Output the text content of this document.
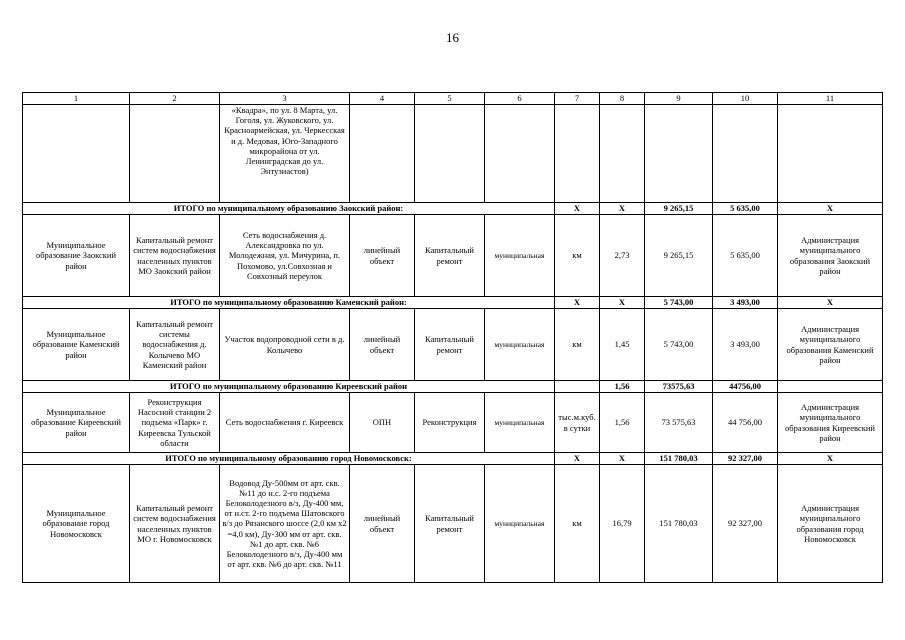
16
1	2	3	4	5	6	7	8	9	10	11
		«Квадра», по ул. 8 Марта, ул. Гоголя, ул. Жуковского, ул. Красноармейская, ул. Черкесская и д. Медовая, Юго-Западного микрорайона от ул. Ленинградская до ул. Энтузиастов)								
ИТОГО по муниципальному образованию Заокский район:						Х	Х	9 265,15	5 635,00	Х
Муниципальное образование Заокский район	Капитальный ремонт систем водоснабжения населенных пунктов МО Заокский район	Сеть водоснабжения д. Александровка по ул. Молодежная, ул. Мичурина, п. Похомово, ул.Совхозная и Совхозный переулок	линейный объект	Капитальный ремонт	муниципальная	км	2,73	9 265,15	5 635,00	Администрация муниципального образования Заокский район
ИТОГО по муниципальному образованию Каменский район:						Х	Х	5 743,00	3 493,00	Х
Муниципальное образование Каменский район	Капитальный ремонт системы водоснабжения д. Колычево МО Каменский район	Участок водопроводной сети в д. Колычево	линейный объект	Капитальный ремонт	муниципальная	км	1,45	5 743,00	3 493,00	Администрация муниципального образования Каменский район
ИТОГО по муниципальному образованию Киреевский район							1,56	73575,63	44756,00	
Муниципальное образование Киреевский район	Реконструкция Насосной станции 2 подъема «Парк» г. Киреевска Тульской области	Сеть водоснабжения г. Киреевск	ОПН	Реконструкция	муниципальная	тыс.м.куб. в сутки	1,56	73 575,63	44 756,00	Администрация муниципального образования Киреевский район
ИТОГО по муниципальному образованию город Новомосковск:						Х	Х	151 780,03	92 327,00	Х
Муниципальное образование город Новомосковск	Капитальный ремонт систем водоснабжения населенных пунктов МО г. Новомосковск	Водовод Ду-500мм от арт. скв. №11 до н.с. 2-го подъема Белоколодезного в/з, Ду-400 мм, от н.ст. 2-го подъема Шатовского в/з до Рязанского шоссе (2,0 км х2 =4,0 км), Ду-300 мм от арт. скв. №1 до арт. скв. №6 Белоколодезного в/з, Ду-400 мм от арт. скв. №6 до арт. скв. №11	линейный объект	Капитальный ремонт	муниципальная	км	16,79	151 780,03	92 327,00	Администрация муниципального образования город Новомосковск
